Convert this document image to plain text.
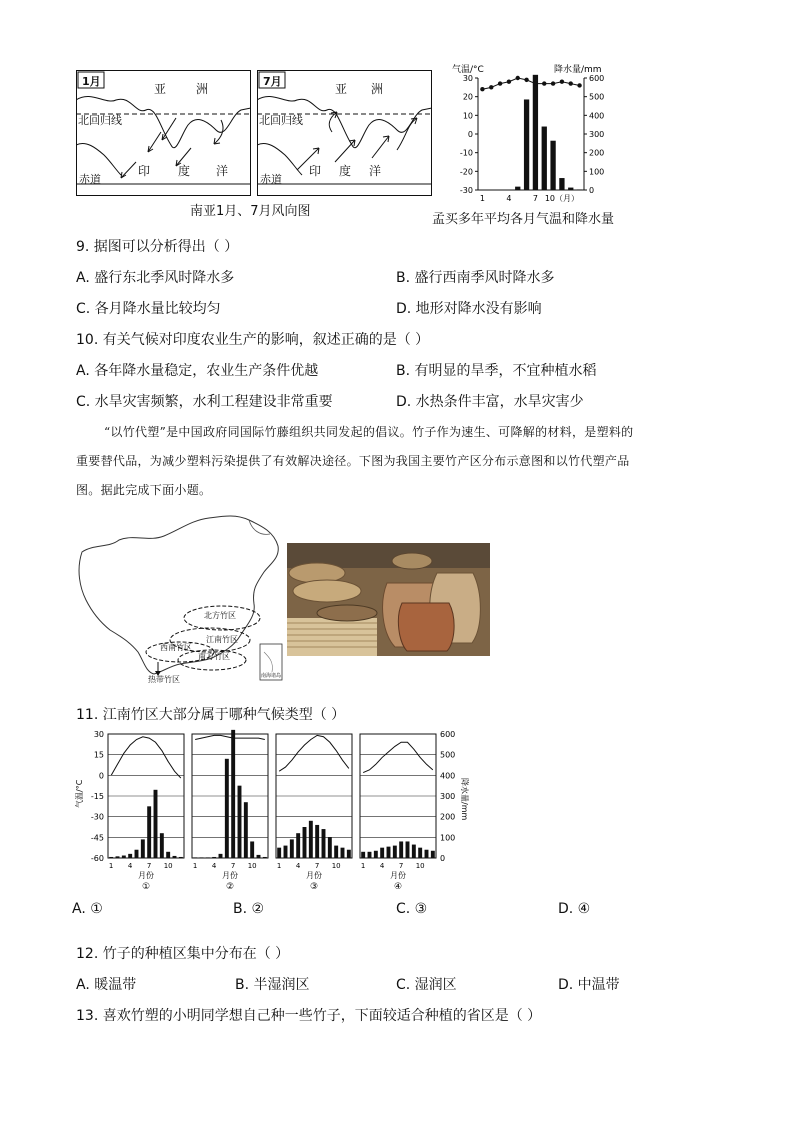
1月
亚 洲
北回归线
赤道
印 度 洋
7月
亚 洲
北回归线
赤道
印 度 洋
南亚1月、7月风向图
气温/°C	降水量/mm
30
20
10
0
-10
-20
-30
600
500
400
300
200
100
0
1	4	7 10（月）
孟买多年平均各月气温和降水量
9. 据图可以分析得出（ ）
A. 盛行东北季风时降水多	B. 盛行西南季风时降水多
C. 各月降水量比较均匀	D. 地形对降水没有影响
10. 有关气候对印度农业生产的影响，叙述正确的是（ ）
A. 各年降水量稳定，农业生产条件优越	B. 有明显的旱季，不宜种植水稻
C. 水旱灾害频繁，水利工程建设非常重要	D. 水热条件丰富，水旱灾害少
“以竹代塑”是中国政府同国际竹藤组织共同发起的倡议。竹子作为速生、可降解的材料，是塑料的
重要替代品，为减少塑料污染提供了有效解决途径。下图为我国主要竹产区分布示意图和以竹代塑产品
图。据此完成下面小题。
北方竹区
江南竹区
西南竹区
南方竹区
热带竹区	南海诸岛
11. 江南竹区大部分属于哪种气候类型（ ）
30
15
0
-15
-30
-45
-60
600
500
400
300
200
100
0
气温/°C	降水量/mm
1 4 7 10
月份
①
1 4 7 10
月份
②
1 4 7 10
月份
③
1 4 7 10
月份
④
A. ①	B. ②	C. ③	D. ④
12. 竹子的种植区集中分布在（ ）
A. 暖温带	B. 半湿润区	C. 湿润区	D. 中温带
13. 喜欢竹塑的小明同学想自己种一些竹子，下面较适合种植的省区是（ ）
